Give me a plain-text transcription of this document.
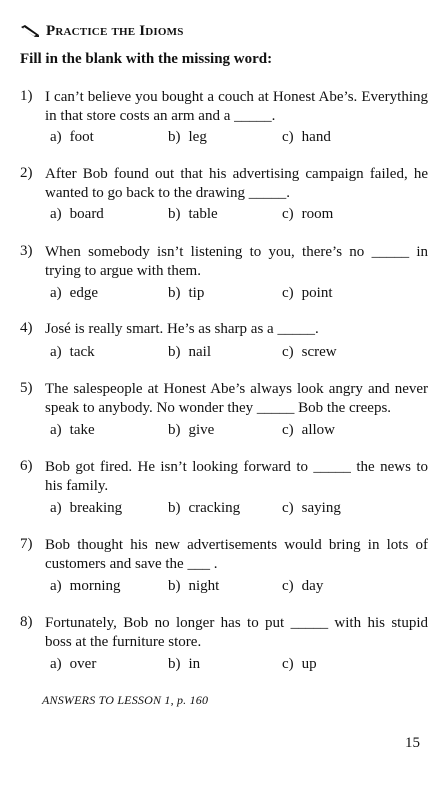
Practice the Idioms
Fill in the blank with the missing word:
1) I can’t believe you bought a couch at Honest Abe’s. Everything in that store costs an arm and a _____.
a) foot	b) leg	c) hand
2) After Bob found out that his advertising campaign failed, he wanted to go back to the drawing _____.
a) board	b) table	c) room
3) When somebody isn’t listening to you, there’s no _____ in trying to argue with them.
a) edge	b) tip	c) point
4) José is really smart. He’s as sharp as a _____.
a) tack	b) nail	c) screw
5) The salespeople at Honest Abe’s always look angry and never speak to anybody. No wonder they _____ Bob the creeps.
a) take	b) give	c) allow
6) Bob got fired. He isn’t looking forward to _____ the news to his family.
a) breaking	b) cracking	c) saying
7) Bob thought his new advertisements would bring in lots of customers and save the ___ .
a) morning	b) night	c) day
8) Fortunately, Bob no longer has to put _____ with his stupid boss at the furniture store.
a) over	b) in	c) up
ANSWERS TO LESSON 1, p. 160
15
